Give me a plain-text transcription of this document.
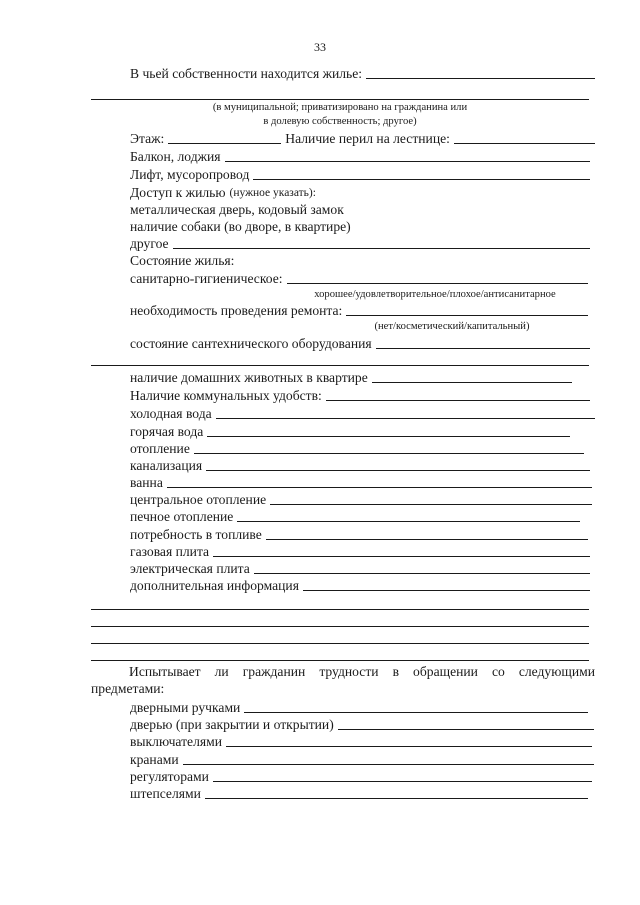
33
В чьей собственности находится жилье:
(в муниципальной; приватизировано на гражданина или
в долевую собственность; другое)
Этаж:	Наличие перил на лестнице:
Балкон, лоджия
Лифт, мусоропровод
Доступ к жилью (нужное указать):
металлическая дверь, кодовый замок
наличие собаки (во дворе, в квартире)
другое
Состояние жилья:
санитарно-гигиеническое:
хорошее/удовлетворительное/плохое/антисанитарное
необходимость проведения ремонта:
(нет/косметический/капитальный)
состояние сантехнического оборудования
наличие домашних животных в квартире
Наличие коммунальных удобств:
холодная вода
горячая вода
отопление
канализация
ванна
центральное отопление
печное отопление
потребность в топливе
газовая плита
электрическая плита
дополнительная информация
Испытывает ли гражданин трудности в обращении со следующими предметами:
дверными ручками
дверью (при закрытии и открытии)
выключателями
кранами
регуляторами
штепселями
